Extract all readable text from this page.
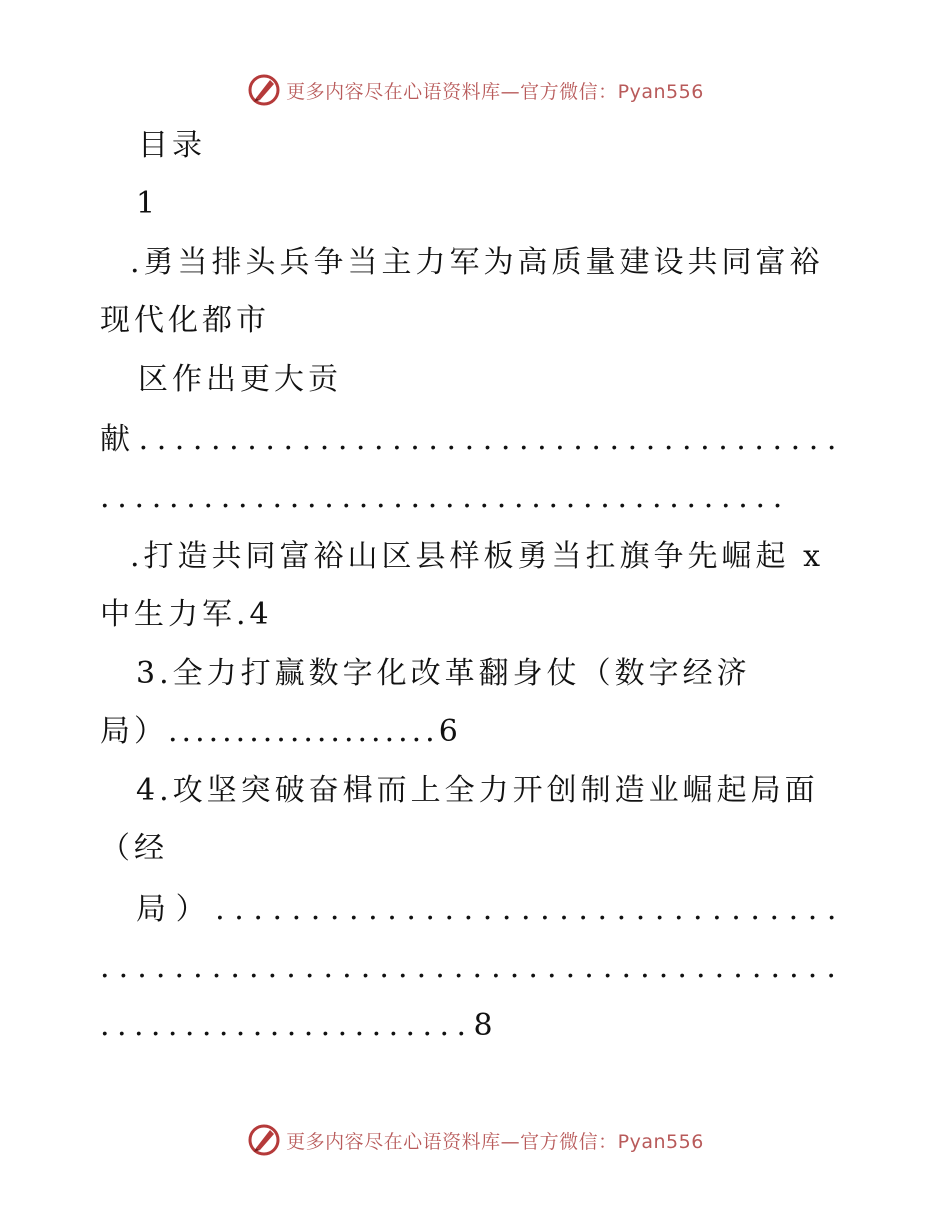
更多内容尽在心语资料库—官方微信：Pyan556
目录
1
.勇当排头兵争当主力军为高质量建设共同富裕
现代化都市
区作出更大贡
献.......................................
........................................
.打造共同富裕山区县样板勇当扛旗争先崛起 x
中生力军.4
3.全力打赢数字化改革翻身仗（数字经济
局）....................6
4.攻坚突破奋楫而上全力开创制造业崛起局面
（经
局）.................................
........................................
......................8
更多内容尽在心语资料库—官方微信：Pyan556
